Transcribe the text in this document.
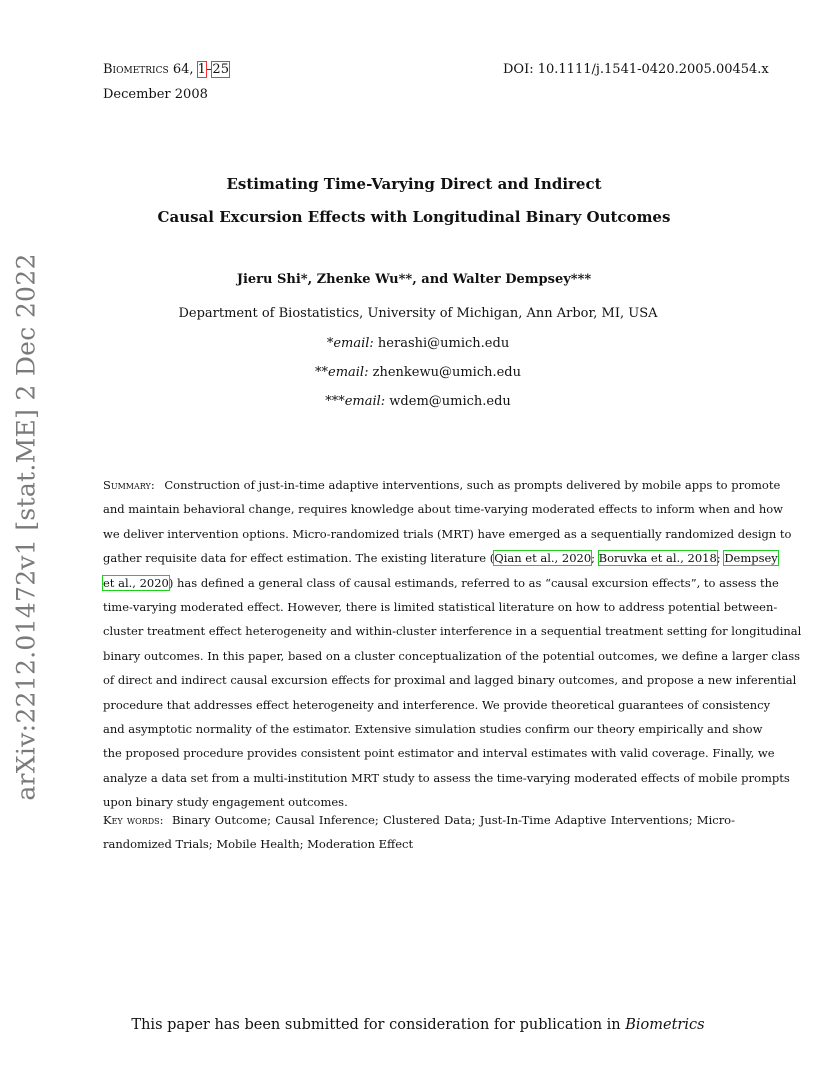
Biometrics 64, 1–25	DOI: 10.1111/j.1541-0420.2005.00454.x
December 2008
arXiv:2212.01472v1 [stat.ME] 2 Dec 2022
Estimating Time-Varying Direct and Indirect
Causal Excursion Effects with Longitudinal Binary Outcomes
Jieru Shi*, Zhenke Wu**, and Walter Dempsey***
Department of Biostatistics, University of Michigan, Ann Arbor, MI, USA
*email: herashi@umich.edu
**email: zhenkewu@umich.edu
***email: wdem@umich.edu
Summary: Construction of just-in-time adaptive interventions, such as prompts delivered by mobile apps to promote
and maintain behavioral change, requires knowledge about time-varying moderated effects to inform when and how
we deliver intervention options. Micro-randomized trials (MRT) have emerged as a sequentially randomized design to
gather requisite data for effect estimation. The existing literature (Qian et al., 2020; Boruvka et al., 2018; Dempsey
et al., 2020) has defined a general class of causal estimands, referred to as “causal excursion effects”, to assess the
time-varying moderated effect. However, there is limited statistical literature on how to address potential between-
cluster treatment effect heterogeneity and within-cluster interference in a sequential treatment setting for longitudinal
binary outcomes. In this paper, based on a cluster conceptualization of the potential outcomes, we define a larger class
of direct and indirect causal excursion effects for proximal and lagged binary outcomes, and propose a new inferential
procedure that addresses effect heterogeneity and interference. We provide theoretical guarantees of consistency
and asymptotic normality of the estimator. Extensive simulation studies confirm our theory empirically and show
the proposed procedure provides consistent point estimator and interval estimates with valid coverage. Finally, we
analyze a data set from a multi-institution MRT study to assess the time-varying moderated effects of mobile prompts
upon binary study engagement outcomes.
Key words: Binary Outcome; Causal Inference; Clustered Data; Just-In-Time Adaptive Interventions; Micro-
randomized Trials; Mobile Health; Moderation Effect
This paper has been submitted for consideration for publication in Biometrics
